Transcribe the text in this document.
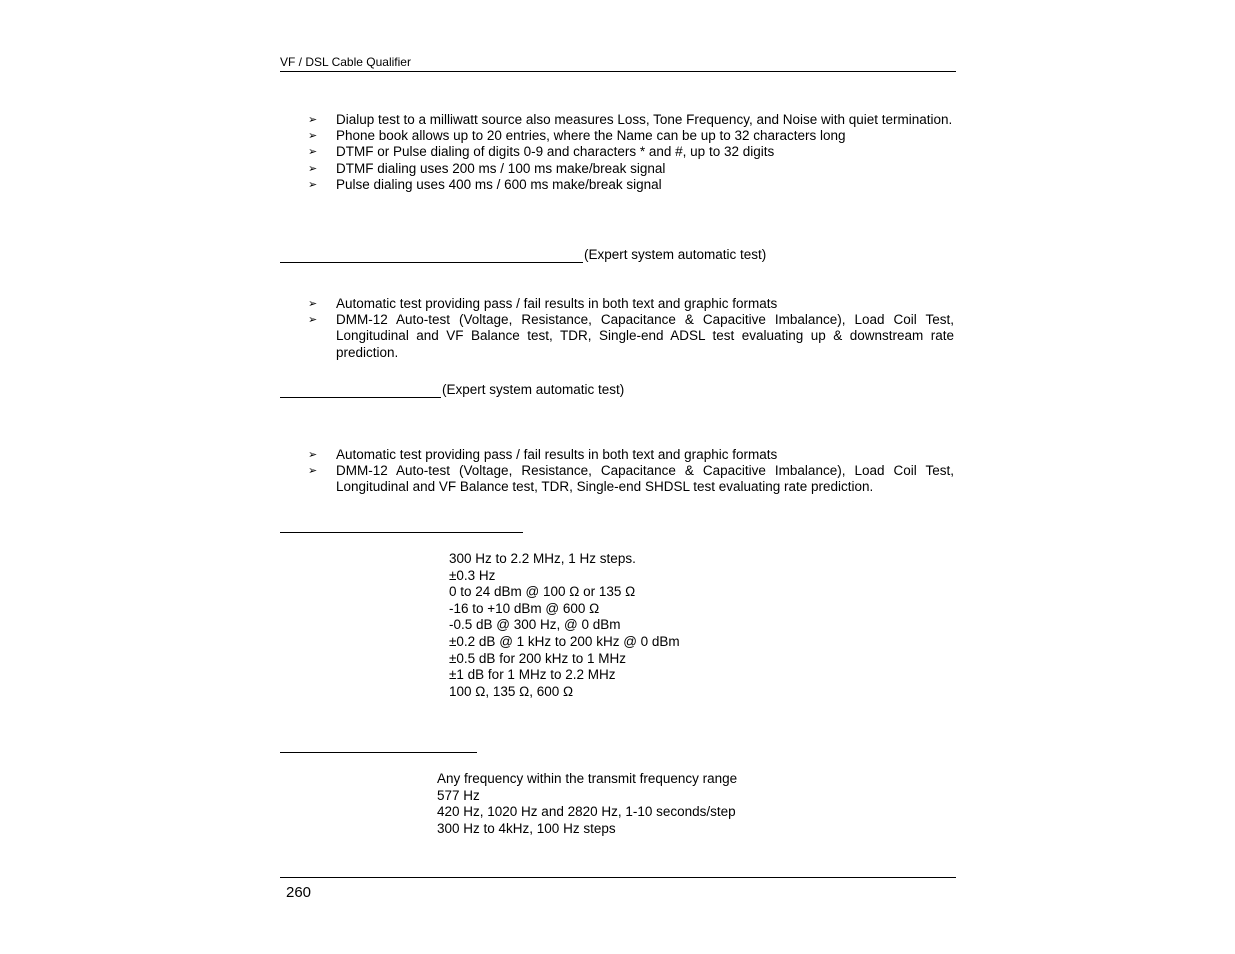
VF / DSL Cable Qualifier
➢ Dialup test to a milliwatt source also measures Loss, Tone Frequency, and Noise with quiet termination.
➢ Phone book allows up to 20 entries, where the Name can be up to 32 characters long
➢ DTMF or Pulse dialing of digits 0-9 and characters * and #, up to 32 digits
➢ DTMF dialing uses 200 ms / 100 ms make/break signal
➢ Pulse dialing uses 400 ms / 600 ms make/break signal
(Expert system automatic test)
➢ Automatic test providing pass / fail results in both text and graphic formats
➢ DMM-12 Auto-test (Voltage, Resistance, Capacitance & Capacitive Imbalance), Load Coil Test, Longitudinal and VF Balance test, TDR, Single-end ADSL test evaluating up & downstream rate prediction.
(Expert system automatic test)
➢ Automatic test providing pass / fail results in both text and graphic formats
➢ DMM-12 Auto-test (Voltage, Resistance, Capacitance & Capacitive Imbalance), Load Coil Test, Longitudinal and VF Balance test, TDR, Single-end SHDSL test evaluating rate prediction.
300 Hz to 2.2 MHz, 1 Hz steps.
±0.3 Hz
0 to 24 dBm @ 100 Ω or 135 Ω
-16 to +10 dBm @ 600 Ω
-0.5 dB @ 300 Hz, @ 0 dBm
±0.2 dB @ 1 kHz to 200 kHz @ 0 dBm
±0.5 dB for 200 kHz to 1 MHz
±1 dB for 1 MHz to 2.2 MHz
100 Ω, 135 Ω, 600 Ω
Any frequency within the transmit frequency range
577 Hz
420 Hz, 1020 Hz and 2820 Hz, 1-10 seconds/step
300 Hz to 4kHz, 100 Hz steps
260
